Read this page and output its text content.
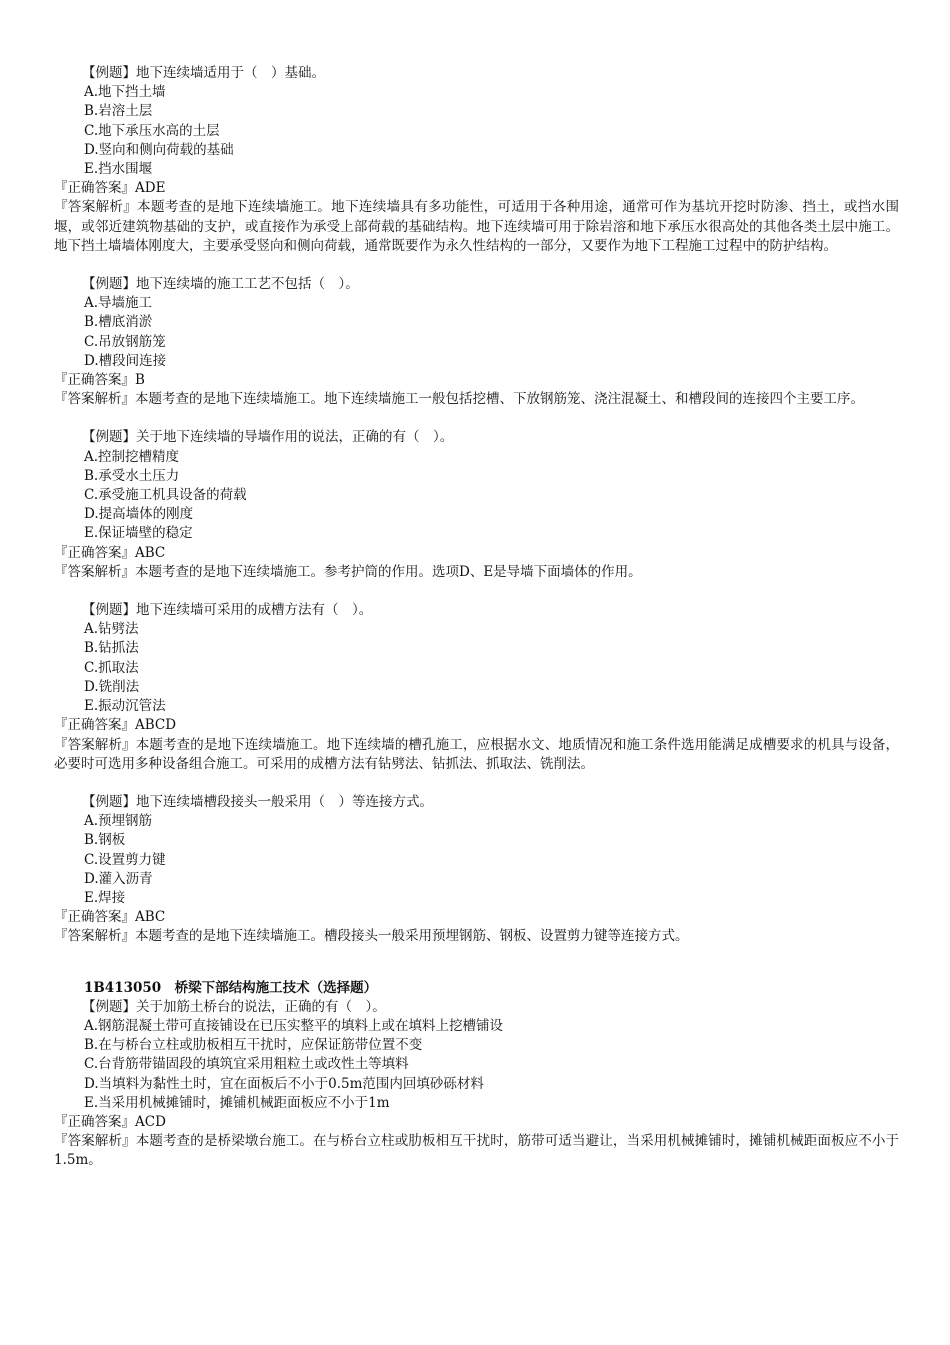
【例题】地下连续墙适用于（　）基础。
A.地下挡土墙
B.岩溶土层
C.地下承压水高的土层
D.竖向和侧向荷载的基础
E.挡水围堰
『正确答案』ADE
『答案解析』本题考查的是地下连续墙施工。地下连续墙具有多功能性，可适用于各种用途，通常可作为基坑开挖时防渗、挡土，或挡水围堰，或邻近建筑物基础的支护，或直接作为承受上部荷载的基础结构。地下连续墙可用于除岩溶和地下承压水很高处的其他各类土层中施工。地下挡土墙墙体刚度大，主要承受竖向和侧向荷载，通常既要作为永久性结构的一部分，又要作为地下工程施工过程中的防护结构。
【例题】地下连续墙的施工工艺不包括（　）。
A.导墙施工
B.槽底消淤
C.吊放钢筋笼
D.槽段间连接
『正确答案』B
『答案解析』本题考查的是地下连续墙施工。地下连续墙施工一般包括挖槽、下放钢筋笼、浇注混凝土、和槽段间的连接四个主要工序。
【例题】关于地下连续墙的导墙作用的说法，正确的有（　）。
A.控制挖槽精度
B.承受水土压力
C.承受施工机具设备的荷载
D.提高墙体的刚度
E.保证墙壁的稳定
『正确答案』ABC
『答案解析』本题考查的是地下连续墙施工。参考护筒的作用。选项D、E是导墙下面墙体的作用。
【例题】地下连续墙可采用的成槽方法有（　）。
A.钻劈法
B.钻抓法
C.抓取法
D.铣削法
E.振动沉管法
『正确答案』ABCD
『答案解析』本题考查的是地下连续墙施工。地下连续墙的槽孔施工，应根据水文、地质情况和施工条件选用能满足成槽要求的机具与设备，必要时可选用多种设备组合施工。可采用的成槽方法有钻劈法、钻抓法、抓取法、铣削法。
【例题】地下连续墙槽段接头一般采用（　）等连接方式。
A.预埋钢筋
B.钢板
C.设置剪力键
D.灌入沥青
E.焊接
『正确答案』ABC
『答案解析』本题考查的是地下连续墙施工。槽段接头一般采用预埋钢筋、钢板、设置剪力键等连接方式。
1B413050　桥梁下部结构施工技术（选择题）
【例题】关于加筋土桥台的说法，正确的有（　）。
A.钢筋混凝土带可直接铺设在已压实整平的填料上或在填料上挖槽铺设
B.在与桥台立柱或肋板相互干扰时，应保证筋带位置不变
C.台背筋带锚固段的填筑宜采用粗粒土或改性土等填料
D.当填料为黏性土时，宜在面板后不小于0.5m范围内回填砂砾材料
E.当采用机械摊铺时，摊铺机械距面板应不小于1m
『正确答案』ACD
『答案解析』本题考查的是桥梁墩台施工。在与桥台立柱或肋板相互干扰时，筋带可适当避让，当采用机械摊铺时，摊铺机械距面板应不小于1.5m。
